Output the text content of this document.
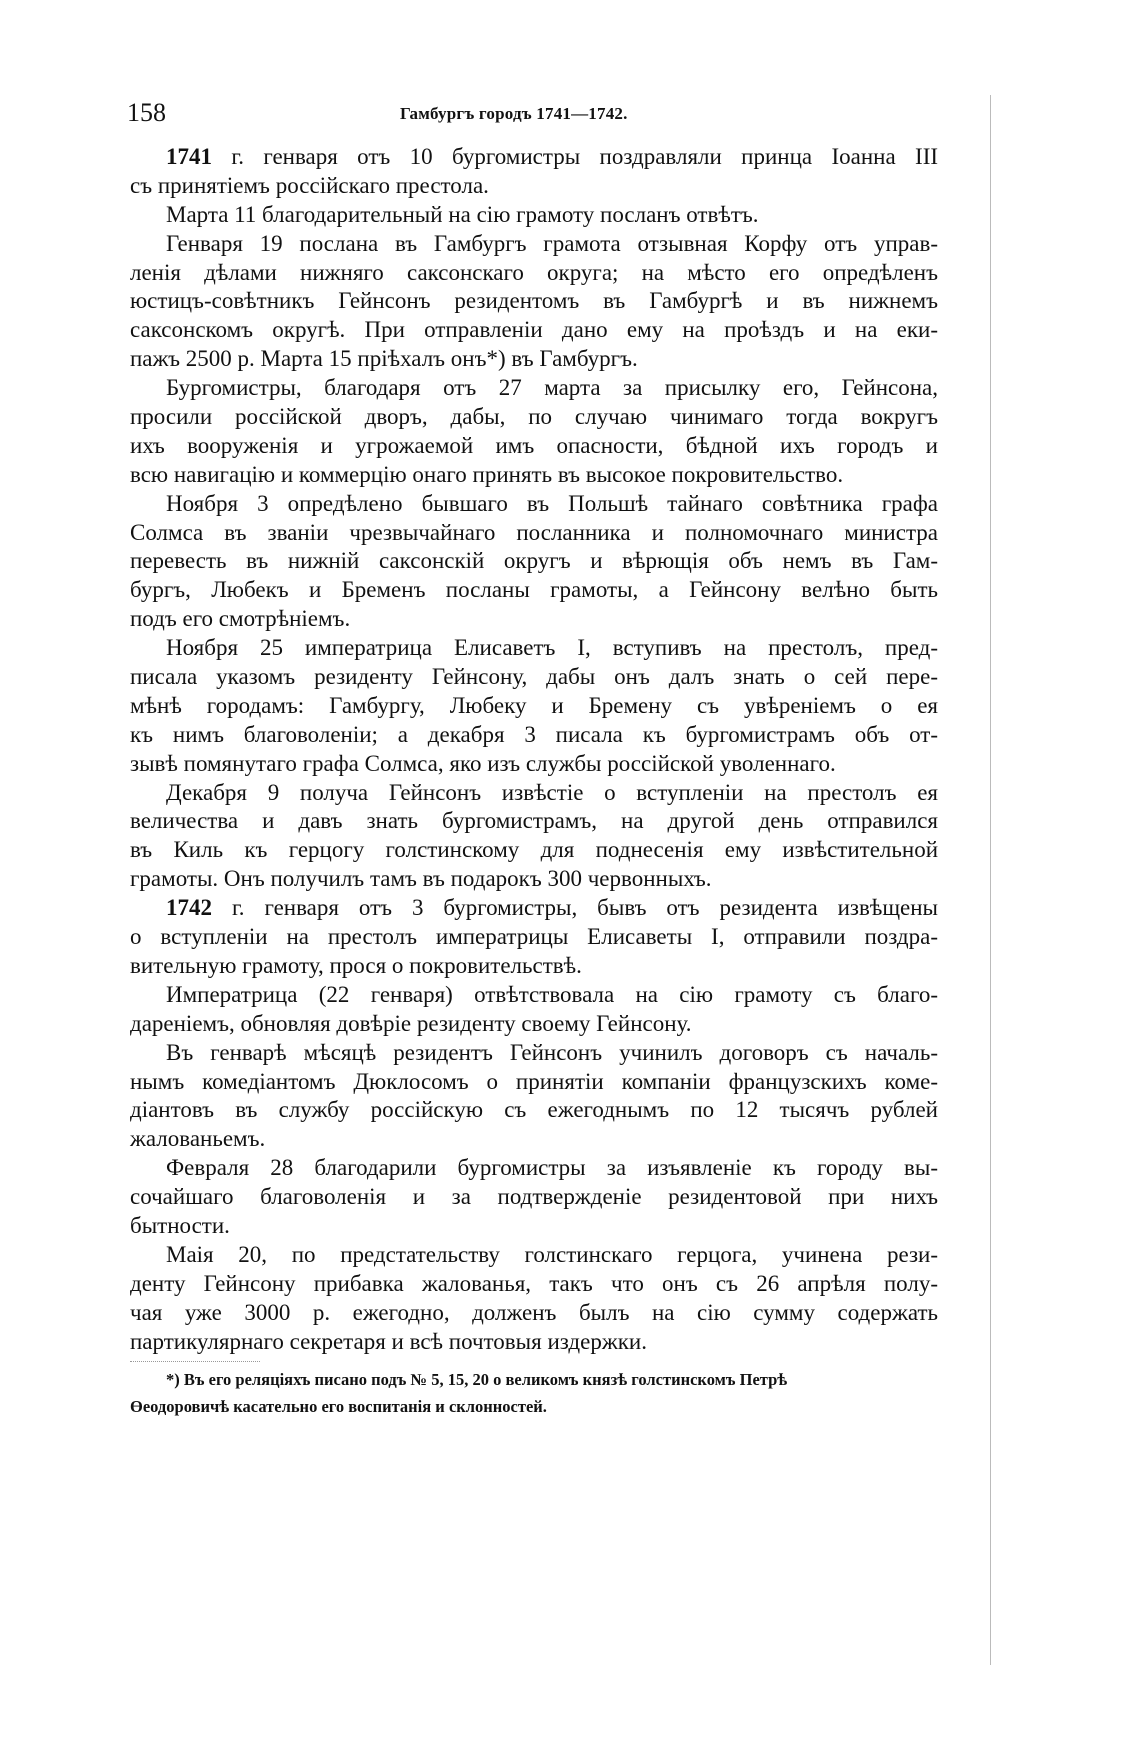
158	Гамбургъ городъ 1741—1742.
1741 г. генваря отъ 10 бургомистры поздравляли принца Іоанна III
съ принятіемъ россійскаго престола.
Марта 11 благодарительный на сію грамоту посланъ отвѣтъ.
Генваря 19 послана въ Гамбургъ грамота отзывная Корфу отъ управ-
ленія дѣлами нижняго саксонскаго округа; на мѣсто его опредѣленъ
юстицъ-совѣтникъ Гейнсонъ резидентомъ въ Гамбургѣ и въ нижнемъ
саксонскомъ округѣ. При отправленіи дано ему на проѣздъ и на еки-
пажъ 2500 р. Марта 15 пріѣхалъ онъ*) въ Гамбургъ.
Бургомистры, благодаря отъ 27 марта за присылку его, Гейнсона,
просили россійской дворъ, дабы, по случаю чинимаго тогда вокругъ
ихъ вооруженія и угрожаемой имъ опасности, бѣдной ихъ городъ и
всю навигацію и коммерцію онаго принять въ высокое покровительство.
Ноября 3 опредѣлено бывшаго въ Польшѣ тайнаго совѣтника графа
Солмса въ званіи чрезвычайнаго посланника и полномочнаго министра
перевесть въ нижній саксонскій округъ и вѣрющія объ немъ въ Гам-
бургъ, Любекъ и Бременъ посланы грамоты, а Гейнсону велѣно быть
подъ его смотрѣніемъ.
Ноября 25 императрица Елисаветъ I, вступивъ на престолъ, пред-
писала указомъ резиденту Гейнсону, дабы онъ далъ знать о сей пере-
мѣнѣ городамъ: Гамбургу, Любеку и Бремену съ увѣреніемъ о ея
къ нимъ благоволеніи; а декабря 3 писала къ бургомистрамъ объ от-
зывѣ помянутаго графа Солмса, яко изъ службы россійской уволеннаго.
Декабря 9 получа Гейнсонъ извѣстіе о вступленіи на престолъ ея
величества и давъ знать бургомистрамъ, на другой день отправился
въ Киль къ герцогу голстинскому для поднесенія ему извѣстительной
грамоты. Онъ получилъ тамъ въ подарокъ 300 червонныхъ.
1742 г. генваря отъ 3 бургомистры, бывъ отъ резидента извѣщены
о вступленіи на престолъ императрицы Елисаветы I, отправили поздра-
вительную грамоту, прося о покровительствѣ.
Императрица (22 генваря) отвѣтствовала на сію грамоту съ благо-
дареніемъ, обновляя довѣріе резиденту своему Гейнсону.
Въ генварѣ мѣсяцѣ резидентъ Гейнсонъ учинилъ договоръ съ началь-
нымъ комедіантомъ Дюклосомъ о принятіи компаніи французскихъ коме-
діантовъ въ службу россійскую съ ежегоднымъ по 12 тысячъ рублей
жалованьемъ.
Февраля 28 благодарили бургомистры за изъявленіе къ городу вы-
сочайшаго благоволенія и за подтвержденіе резидентовой при нихъ
бытности.
Маія 20, по предстательству голстинскаго герцога, учинена рези-
денту Гейнсону прибавка жалованья, такъ что онъ съ 26 апрѣля полу-
чая уже 3000 р. ежегодно, долженъ былъ на сію сумму содержать
партикулярнаго секретаря и всѣ почтовыя издержки.
*) Въ его реляціяхъ писано подъ № 5, 15, 20 о великомъ князѣ голстинскомъ Петрѣ
Өеодоровичѣ касательно его воспитанія и склонностей.
